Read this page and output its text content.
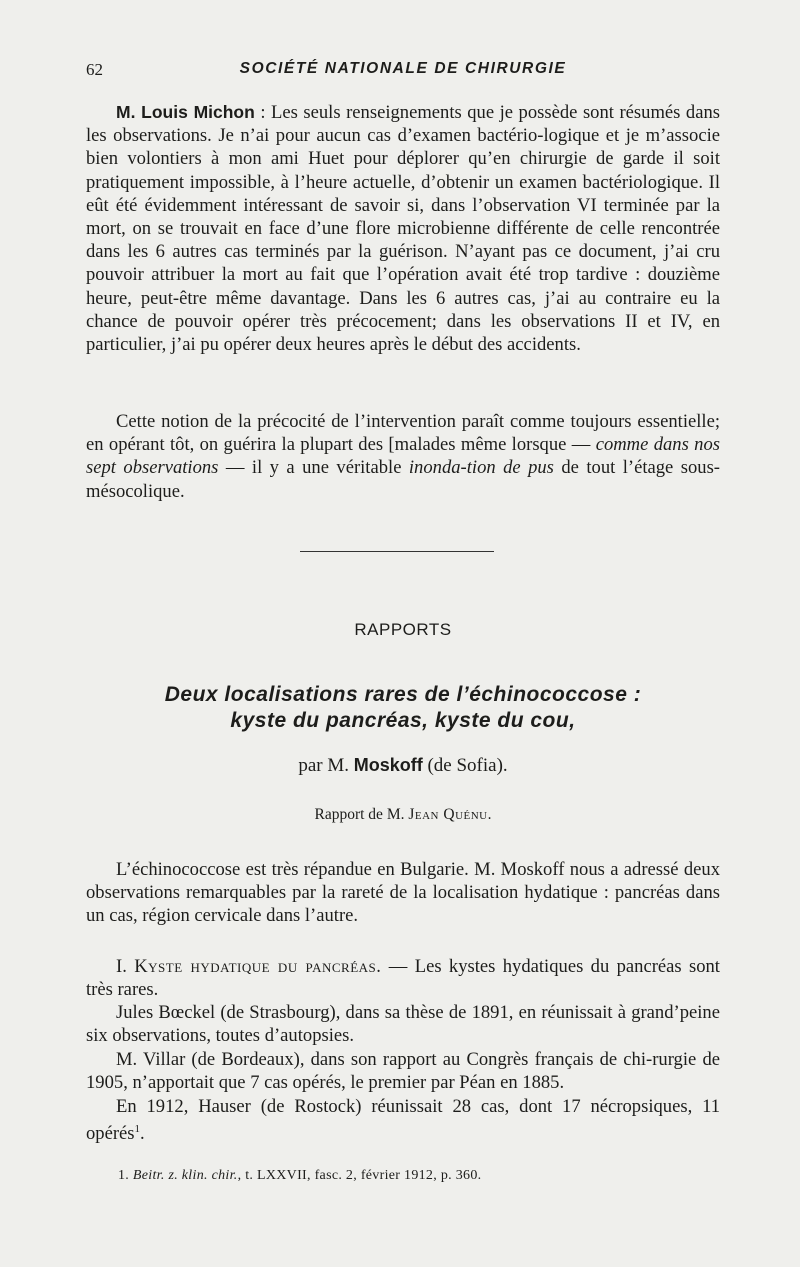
62	SOCIÉTÉ NATIONALE DE CHIRURGIE

M. Louis Michon : Les seuls renseignements que je possède sont résumés dans les observations. Je n’ai pour aucun cas d’examen bactério-logique et je m’associe bien volontiers à mon ami Huet pour déplorer qu’en chirurgie de garde il soit pratiquement impossible, à l’heure actuelle, d’obtenir un examen bactériologique. Il eût été évidemment intéressant de savoir si, dans l’observation VI terminée par la mort, on se trouvait en face d’une flore microbienne différente de celle rencontrée dans les 6 autres cas terminés par la guérison. N’ayant pas ce document, j’ai cru pouvoir attribuer la mort au fait que l’opération avait été trop tardive : douzième heure, peut-être même davantage. Dans les 6 autres cas, j’ai au contraire eu la chance de pouvoir opérer très précocement; dans les observations II et IV, en particulier, j’ai pu opérer deux heures après le début des accidents.

Cette notion de la précocité de l’intervention paraît comme toujours essentielle; en opérant tôt, on guérira la plupart des [malades même lorsque — comme dans nos sept observations — il y a une véritable inonda-tion de pus de tout l’étage sous-mésocolique.

RAPPORTS
Deux localisations rares de l’échinococcose :
kyste du pancréas, kyste du cou,
par M. Moskoff (de Sofia).
Rapport de M. Jean Quénu.

L’échinococcose est très répandue en Bulgarie. M. Moskoff nous a adressé deux observations remarquables par la rareté de la localisation hydatique : pancréas dans un cas, région cervicale dans l’autre.

I. Kyste hydatique du pancréas. — Les kystes hydatiques du pancréas sont très rares.

Jules Bœckel (de Strasbourg), dans sa thèse de 1891, en réunissait à grand’peine six observations, toutes d’autopsies.

M. Villar (de Bordeaux), dans son rapport au Congrès français de chi-rurgie de 1905, n’apportait que 7 cas opérés, le premier par Péan en 1885.

En 1912, Hauser (de Rostock) réunissait 28 cas, dont 17 nécropsiques, 11 opérés$^1$.

1. Beitr. z. klin. chir., t. LXXVII, fasc. 2, février 1912, p. 360.
